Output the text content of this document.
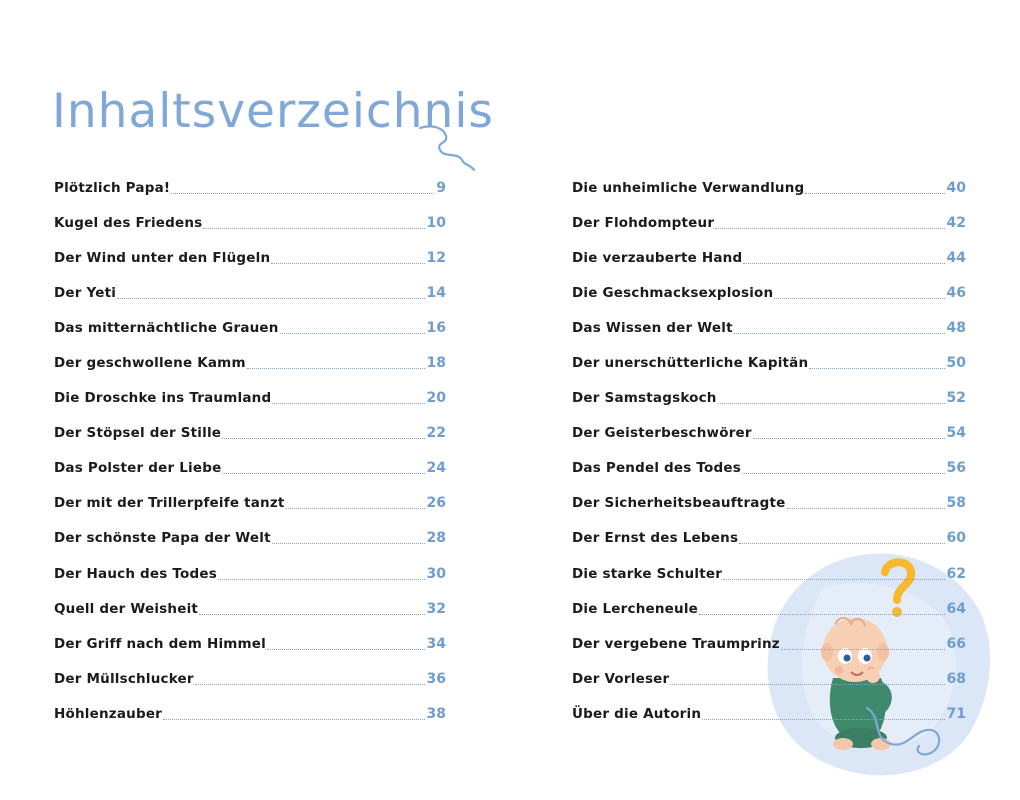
Inhaltsverzeichnis
Plötzlich Papa!	9
Kugel des Friedens	10
Der Wind unter den Flügeln	12
Der Yeti	14
Das mitternächtliche Grauen	16
Der geschwollene Kamm	18
Die Droschke ins Traumland	20
Der Stöpsel der Stille	22
Das Polster der Liebe	24
Der mit der Trillerpfeife tanzt	26
Der schönste Papa der Welt	28
Der Hauch des Todes	30
Quell der Weisheit	32
Der Griff nach dem Himmel	34
Der Müllschlucker	36
Höhlenzauber	38
Die unheimliche Verwandlung	40
Der Flohdompteur	42
Die verzauberte Hand	44
Die Geschmacksexplosion	46
Das Wissen der Welt	48
Der unerschütterliche Kapitän	50
Der Samstagskoch	52
Der Geisterbeschwörer	54
Das Pendel des Todes	56
Der Sicherheitsbeauftragte	58
Der Ernst des Lebens	60
Die starke Schulter	62
Die Lercheneule	64
Der vergebene Traumprinz	66
Der Vorleser	68
Über die Autorin	71
